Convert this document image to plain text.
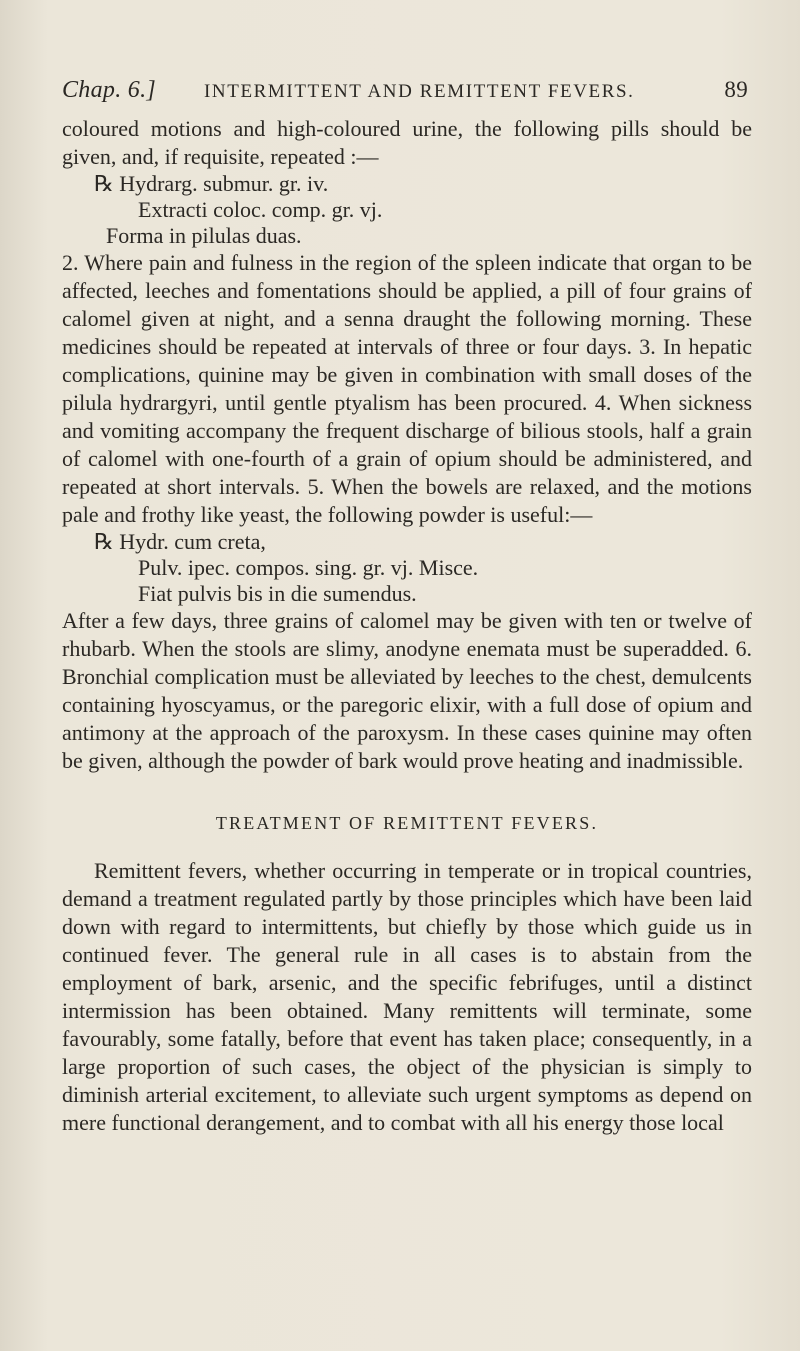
Chap. 6.]	INTERMITTENT AND REMITTENT FEVERS.	89

coloured motions and high-coloured urine, the following pills should be given, and, if requisite, repeated :—

℞ Hydrarg. submur. gr. iv.
Extracti coloc. comp. gr. vj.
Forma in pilulas duas.

2. Where pain and fulness in the region of the spleen indicate that organ to be affected, leeches and fomentations should be applied, a pill of four grains of calomel given at night, and a senna draught the following morning. These medicines should be repeated at intervals of three or four days. 3. In hepatic complications, quinine may be given in combination with small doses of the pilula hydrargyri, until gentle ptyalism has been procured. 4. When sickness and vomiting accompany the frequent discharge of bilious stools, half a grain of calomel with one-fourth of a grain of opium should be administered, and repeated at short intervals. 5. When the bowels are relaxed, and the motions pale and frothy like yeast, the following powder is useful:—

℞ Hydr. cum creta,
Pulv. ipec. compos. sing. gr. vj. Misce.
Fiat pulvis bis in die sumendus.

After a few days, three grains of calomel may be given with ten or twelve of rhubarb. When the stools are slimy, anodyne enemata must be superadded. 6. Bronchial complication must be alleviated by leeches to the chest, demulcents containing hyoscyamus, or the paregoric elixir, with a full dose of opium and antimony at the approach of the paroxysm. In these cases quinine may often be given, although the powder of bark would prove heating and inadmissible.

TREATMENT OF REMITTENT FEVERS.

Remittent fevers, whether occurring in temperate or in tropical countries, demand a treatment regulated partly by those principles which have been laid down with regard to intermittents, but chiefly by those which guide us in continued fever. The general rule in all cases is to abstain from the employment of bark, arsenic, and the specific febrifuges, until a distinct intermission has been obtained. Many remittents will terminate, some favourably, some fatally, before that event has taken place; consequently, in a large proportion of such cases, the object of the physician is simply to diminish arterial excitement, to alleviate such urgent symptoms as depend on mere functional derangement, and to combat with all his energy those local
